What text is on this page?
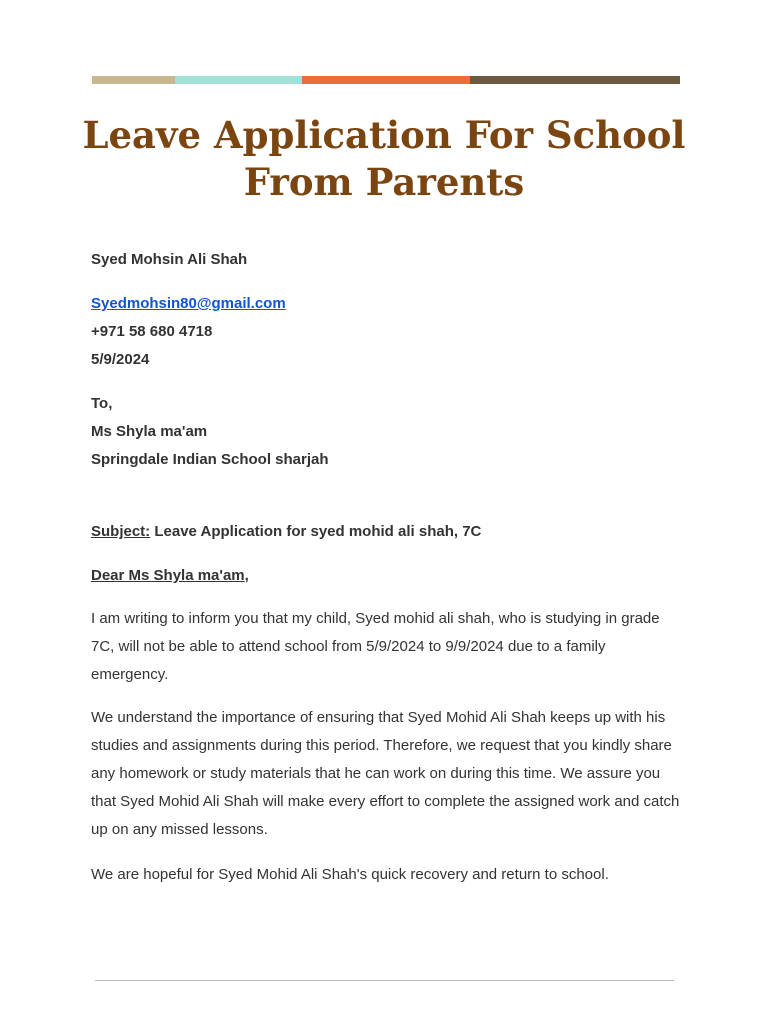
Leave Application For School From Parents
Syed Mohsin Ali Shah
Syedmohsin80@gmail.com
+971 58 680 4718
5/9/2024
To,
Ms Shyla ma'am
Springdale Indian School sharjah
Subject: Leave Application for syed mohid ali shah, 7C
Dear Ms Shyla ma'am,

I am writing to inform you that my child, Syed mohid ali shah, who is studying in grade 7C, will not be able to attend school from 5/9/2024 to 9/9/2024 due to a family emergency.

We understand the importance of ensuring that Syed Mohid Ali Shah keeps up with his studies and assignments during this period. Therefore, we request that you kindly share any homework or study materials that he can work on during this time. We assure you that Syed Mohid Ali Shah will make every effort to complete the assigned work and catch up on any missed lessons.

We are hopeful for Syed Mohid Ali Shah's quick recovery and return to school.
